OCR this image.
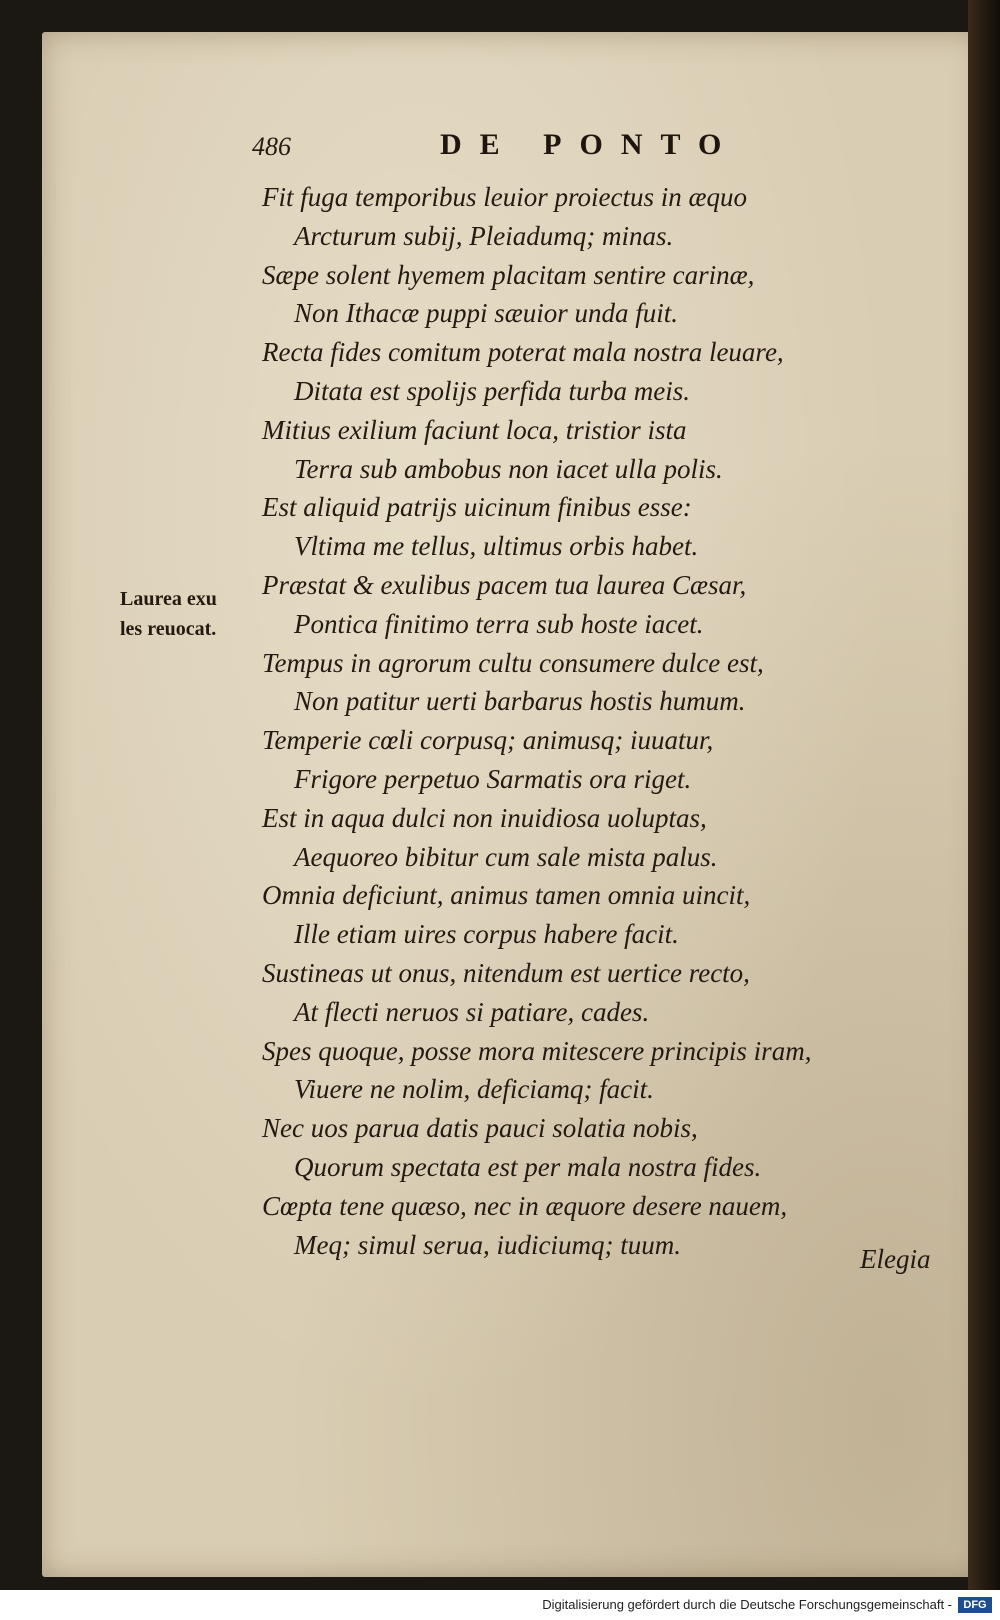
486	DE PONTO
Laurea exu
les reuocat.
Fit fuga temporibus leuior proiectus in æquo
Arcturum subij, Pleiadumq; minas.
Sæpe solent hyemem placitam sentire carinæ,
Non Ithacæ puppi sæuior unda fuit.
Recta fides comitum poterat mala nostra leuare,
Ditata est spolijs perfida turba meis.
Mitius exilium faciunt loca, tristior ista
Terra sub ambobus non iacet ulla polis.
Est aliquid patrijs uicinum finibus esse:
Vltima me tellus, ultimus orbis habet.
Præstat & exulibus pacem tua laurea Cæsar,
Pontica finitimo terra sub hoste iacet.
Tempus in agrorum cultu consumere dulce est,
Non patitur uerti barbarus hostis humum.
Temperie cœli corpusq; animusq; iuuatur,
Frigore perpetuo Sarmatis ora riget.
Est in aqua dulci non inuidiosa uoluptas,
Aequoreo bibitur cum sale mista palus.
Omnia deficiunt, animus tamen omnia uincit,
Ille etiam uires corpus habere facit.
Sustineas ut onus, nitendum est uertice recto,
At flecti neruos si patiare, cades.
Spes quoque, posse mora mitescere principis iram,
Viuere ne nolim, deficiamq; facit.
Nec uos parua datis pauci solatia nobis,
Quorum spectata est per mala nostra fides.
Cœpta tene quæso, nec in æquore desere nauem,
Meq; simul serua, iudiciumq; tuum.	Elegia
Digitalisierung gefördert durch die Deutsche Forschungsgemeinschaft -	DFG
